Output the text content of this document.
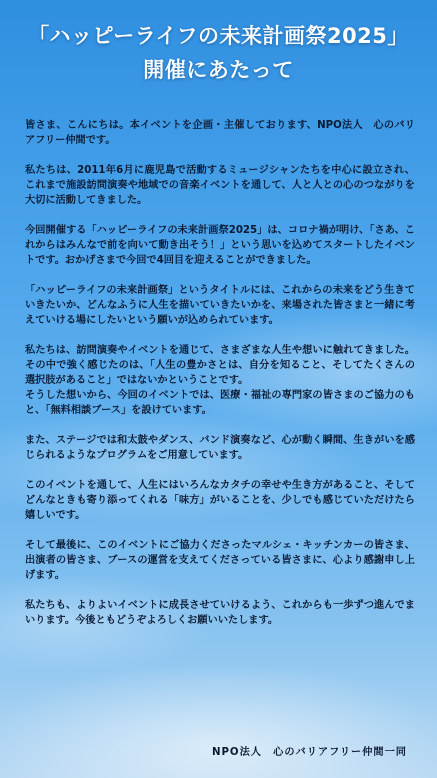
「ハッピーライフの未来計画祭2025」
開催にあたって

皆さま、こんにちは。本イベントを企画・主催しております、NPO法人　心のバリアフリー仲間です。

私たちは、2011年6月に鹿児島で活動するミュージシャンたちを中心に設立され、これまで施設訪問演奏や地域での音楽イベントを通して、人と人との心のつながりを大切に活動してきました。

今回開催する「ハッピーライフの未来計画祭2025」は、コロナ禍が明け、「さあ、これからはみんなで前を向いて動き出そう！」という思いを込めてスタートしたイベントです。おかげさまで今回で4回目を迎えることができました。

「ハッピーライフの未来計画祭」というタイトルには、これからの未来をどう生きていきたいか、どんなふうに人生を描いていきたいかを、来場された皆さまと一緒に考えていける場にしたいという願いが込められています。

私たちは、訪問演奏やイベントを通じて、さまざまな人生や想いに触れてきました。その中で強く感じたのは、「人生の豊かさとは、自分を知ること、そしてたくさんの選択肢があること」ではないかということです。

そうした想いから、今回のイベントでは、医療・福祉の専門家の皆さまのご協力のもと、「無料相談ブース」を設けています。

また、ステージでは和太鼓やダンス、バンド演奏など、心が動く瞬間、生きがいを感じられるようなプログラムをご用意しています。

このイベントを通して、人生にはいろんなカタチの幸せや生き方があること、そしてどんなときも寄り添ってくれる「味方」がいることを、少しでも感じていただけたら嬉しいです。

そして最後に、このイベントにご協力くださったマルシェ・キッチンカーの皆さま、出演者の皆さま、ブースの運営を支えてくださっている皆さまに、心より感謝申し上げます。

私たちも、よりよいイベントに成長させていけるよう、これからも一歩ずつ進んでまいります。今後ともどうぞよろしくお願いいたします。

NPO法人　心のバリアフリー仲間一同
